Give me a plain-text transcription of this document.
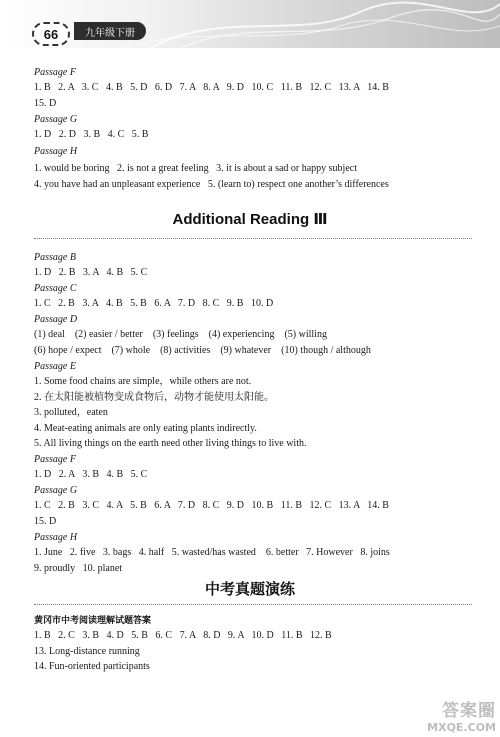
66	九年级下册
Passage F
1. B   2. A   3. C   4. B   5. D   6. D   7. A   8. A   9. D   10. C   11. B   12. C   13. A   14. B
15. D
Passage G
1. D   2. D   3. B   4. C   5. B
Passage H
1. would be boring   2. is not a great feeling   3. it is about a sad or happy subject
4. you have had an unpleasant experience   5. (learn to) respect one another’s differences
Passage B
1. D   2. B   3. A   4. B   5. C
Passage C
1. C   2. B   3. A   4. B   5. B   6. A   7. D   8. C   9. B   10. D
Passage D
(1) deal    (2) easier / better    (3) feelings    (4) experiencing    (5) willing
(6) hope / expect    (7) whole    (8) activities    (9) whatever    (10) though / although
Passage E
1. Some food chains are simple，while others are not.
2. 在太阳能被植物变成食物后，动物才能使用太阳能。
3. polluted，eaten
4. Meat-eating animals are only eating plants indirectly.
5. All living things on the earth need other living things to live with.
Passage F
1. D   2. A   3. B   4. B   5. C
Passage G
1. C   2. B   3. C   4. A   5. B   6. A   7. D   8. C   9. D   10. B   11. B   12. C   13. A   14. B
15. D
Passage H
1. June   2. five   3. bags   4. half   5. wasted/has wasted    6. better   7. However   8. joins
9. proudly   10. planet
1. B   2. C   3. B   4. D   5. B   6. C   7. A   8. D   9. A   10. D   11. B   12. B
13. Long-distance running
14. Fun-oriented participants
Additional Reading Ⅲ
中考真题演练
黄冈市中考阅读理解试题答案
答案圈
MXQE.COM
